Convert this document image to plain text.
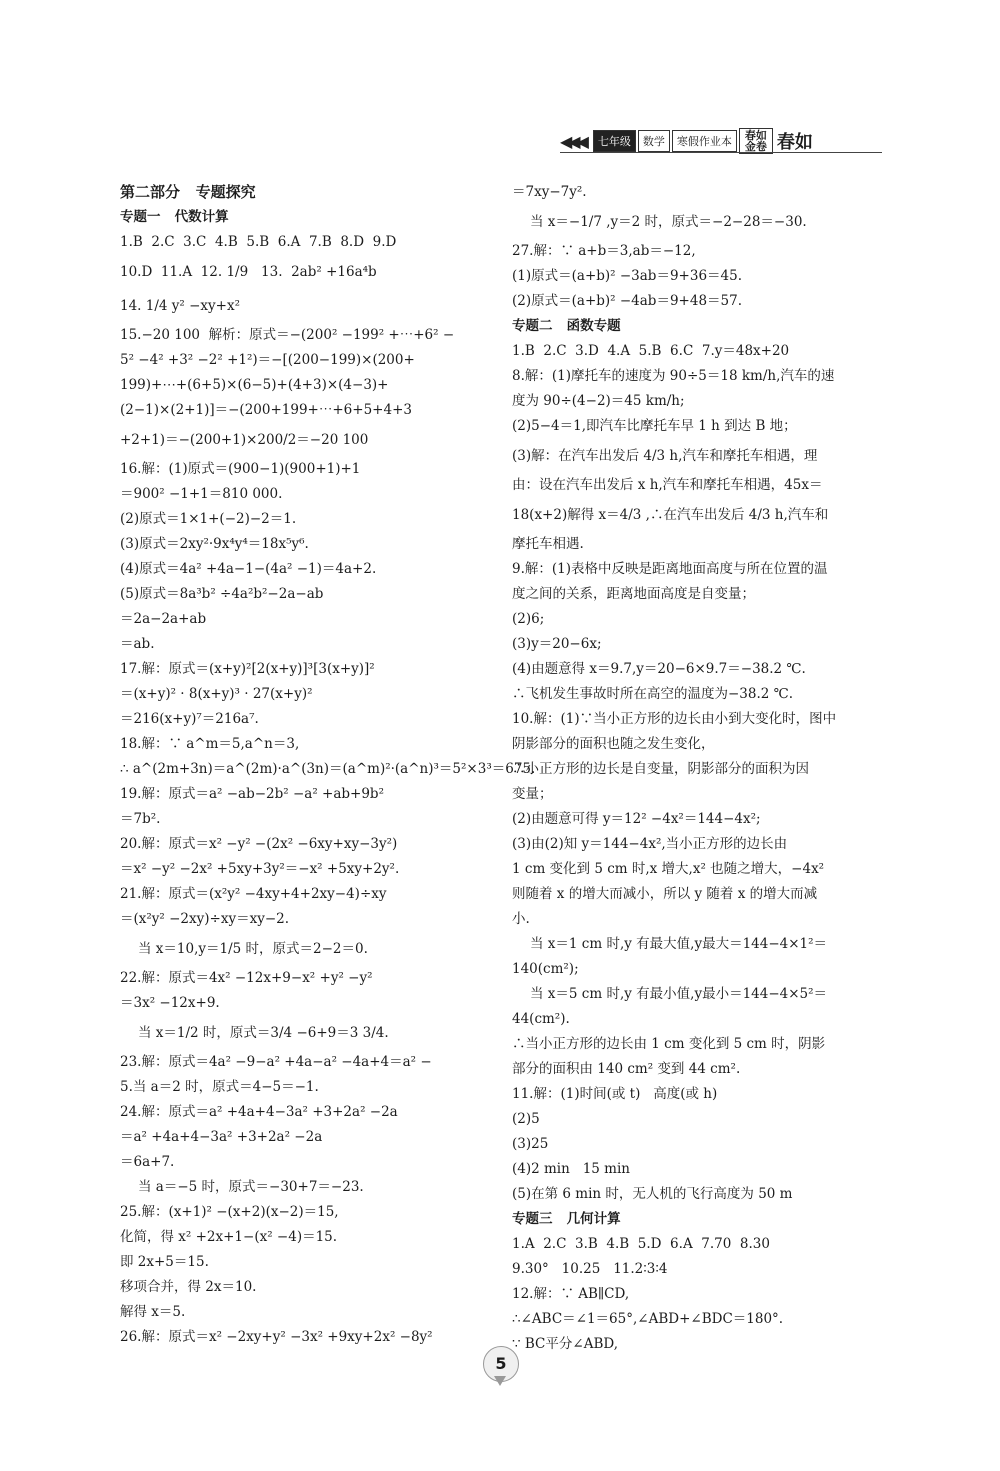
◀◀◀	七年级	数学	寒假作业本	春如
金卷 春如
第二部分   专题探究
专题一   代数计算
1.B  2.C  3.C  4.B  5.B  6.A  7.B  8.D  9.D
10.D  11.A  12. 1/9   13.  2ab² +16a⁴b
14. 1/4 y² −xy+x²
15.−20 100  解析：原式＝−(200² −199² +⋯+6² −
5² −4² +3² −2² +1²)＝−[(200−199)×(200+
199)+⋯+(6+5)×(6−5)+(4+3)×(4−3)+
(2−1)×(2+1)]＝−(200+199+⋯+6+5+4+3
+2+1)＝−(200+1)×200/2＝−20 100
16.解：(1)原式＝(900−1)(900+1)+1
＝900² −1+1＝810 000.
(2)原式＝1×1+(−2)−2＝1.
(3)原式＝2xy²·9x⁴y⁴＝18x⁵y⁶.
(4)原式＝4a² +4a−1−(4a² −1)＝4a+2.
(5)原式＝8a³b² ÷4a²b²−2a−ab
＝2a−2a+ab
＝ab.
17.解：原式＝(x+y)²[2(x+y)]³[3(x+y)]²
＝(x+y)² · 8(x+y)³ · 27(x+y)²
＝216(x+y)⁷＝216a⁷.
18.解：∵ a^m＝5,a^n＝3,
∴ a^(2m+3n)＝a^(2m)·a^(3n)＝(a^m)²·(a^n)³＝5²×3³＝675.
19.解：原式＝a² −ab−2b² −a² +ab+9b²
＝7b².
20.解：原式＝x² −y² −(2x² −6xy+xy−3y²)
＝x² −y² −2x² +5xy+3y²＝−x² +5xy+2y².
21.解：原式＝(x²y² −4xy+4+2xy−4)÷xy
＝(x²y² −2xy)÷xy＝xy−2.
当 x＝10,y＝1/5 时，原式＝2−2＝0.
22.解：原式＝4x² −12x+9−x² +y² −y²
＝3x² −12x+9.
当 x＝1/2 时，原式＝3/4 −6+9＝3 3/4.
23.解：原式＝4a² −9−a² +4a−a² −4a+4＝a² −
5.当 a＝2 时，原式＝4−5＝−1.
24.解：原式＝a² +4a+4−3a² +3+2a² −2a
＝a² +4a+4−3a² +3+2a² −2a
＝6a+7.
当 a＝−5 时，原式＝−30+7＝−23.
25.解：(x+1)² −(x+2)(x−2)＝15,
化简，得 x² +2x+1−(x² −4)＝15.
即 2x+5＝15.
移项合并，得 2x＝10.
解得 x＝5.
26.解：原式＝x² −2xy+y² −3x² +9xy+2x² −8y²
＝7xy−7y².
当 x＝−1/7 ,y＝2 时，原式＝−2−28＝−30.
27.解：∵ a+b＝3,ab＝−12,
(1)原式＝(a+b)² −3ab＝9+36＝45.
(2)原式＝(a+b)² −4ab＝9+48＝57.
专题二   函数专题
1.B  2.C  3.D  4.A  5.B  6.C  7.y＝48x+20
8.解：(1)摩托车的速度为 90÷5＝18 km/h,汽车的速
度为 90÷(4−2)＝45 km/h;
(2)5−4＝1,即汽车比摩托车早 1 h 到达 B 地；
(3)解：在汽车出发后 4/3 h,汽车和摩托车相遇，理
由：设在汽车出发后 x h,汽车和摩托车相遇，45x＝
18(x+2)解得 x＝4/3 ,∴在汽车出发后 4/3 h,汽车和
摩托车相遇.
9.解：(1)表格中反映是距离地面高度与所在位置的温
度之间的关系，距离地面高度是自变量；
(2)6;
(3)y＝20−6x;
(4)由题意得 x＝9.7,y＝20−6×9.7＝−38.2 ℃.
∴飞机发生事故时所在高空的温度为−38.2 ℃.
10.解：(1)∵当小正方形的边长由小到大变化时，图中
阴影部分的面积也随之发生变化，
∴小正方形的边长是自变量，阴影部分的面积为因
变量；
(2)由题意可得 y＝12² −4x²＝144−4x²;
(3)由(2)知 y＝144−4x²,当小正方形的边长由
1 cm 变化到 5 cm 时,x 增大,x² 也随之增大，−4x²
则随着 x 的增大而减小，所以 y 随着 x 的增大而减
小.
当 x＝1 cm 时,y 有最大值,y最大＝144−4×1²＝
140(cm²);
当 x＝5 cm 时,y 有最小值,y最小＝144−4×5²＝
44(cm²).
∴当小正方形的边长由 1 cm 变化到 5 cm 时，阴影
部分的面积由 140 cm² 变到 44 cm².
11.解：(1)时间(或 t)   高度(或 h)
(2)5
(3)25
(4)2 min   15 min
(5)在第 6 min 时，无人机的飞行高度为 50 m
专题三   几何计算
1.A  2.C  3.B  4.B  5.D  6.A  7.70  8.30
9.30°   10.25   11.2∶3∶4
12.解：∵ AB∥CD,
∴∠ABC＝∠1＝65°,∠ABD+∠BDC＝180°.
∵ BC平分∠ABD,
5
